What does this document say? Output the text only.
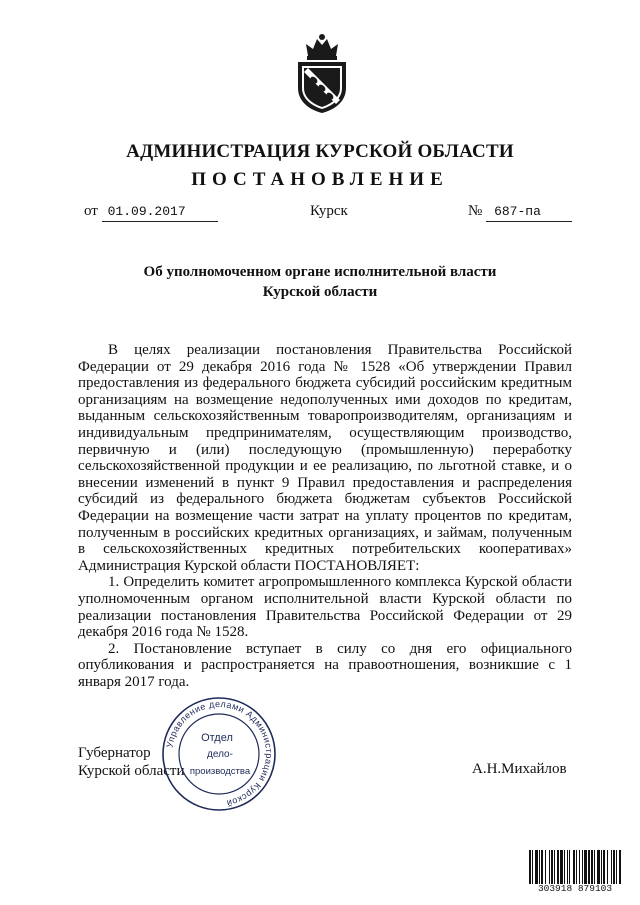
АДМИНИСТРАЦИЯ КУРСКОЙ ОБЛАСТИ
ПОСТАНОВЛЕНИЕ
от 01.09.2017	Курск	№ 687-па
Об уполномоченном органе исполнительной власти
Курской области

В целях реализации постановления Правительства Российской Федерации от 29 декабря 2016 года № 1528 «Об утверждении Правил предоставления из федерального бюджета субсидий российским кредитным организациям на возмещение недополученных ими доходов по кредитам, выданным сельскохозяйственным товаропроизводителям, организациям и индивидуальным предпринимателям, осуществляющим производство, первичную и (или) последующую (промышленную) переработку сельскохозяйственной продукции и ее реализацию, по льготной ставке, и о внесении изменений в пункт 9 Правил предоставления и распределения субсидий из федерального бюджета бюджетам субъектов Российской Федерации на возмещение части затрат на уплату процентов по кредитам, полученным в российских кредитных организациях, и займам, полученным в сельскохозяйственных кредитных потребительских кооперативах» Администрация Курской области ПОСТАНОВЛЯЕТ:

1. Определить комитет агропромышленного комплекса Курской области уполномоченным органом исполнительной власти Курской области по реализации постановления Правительства Российской Федерации от 29 декабря 2016 года № 1528.

2. Постановление вступает в силу со дня его официального опубликования и распространяется на правоотношения, возникшие с 1 января 2017 года.

Губернатор
Курской области	А.Н.Михайлов
Управление делами Администрации Курской
Отдел
дело-
производства
303918 879103
